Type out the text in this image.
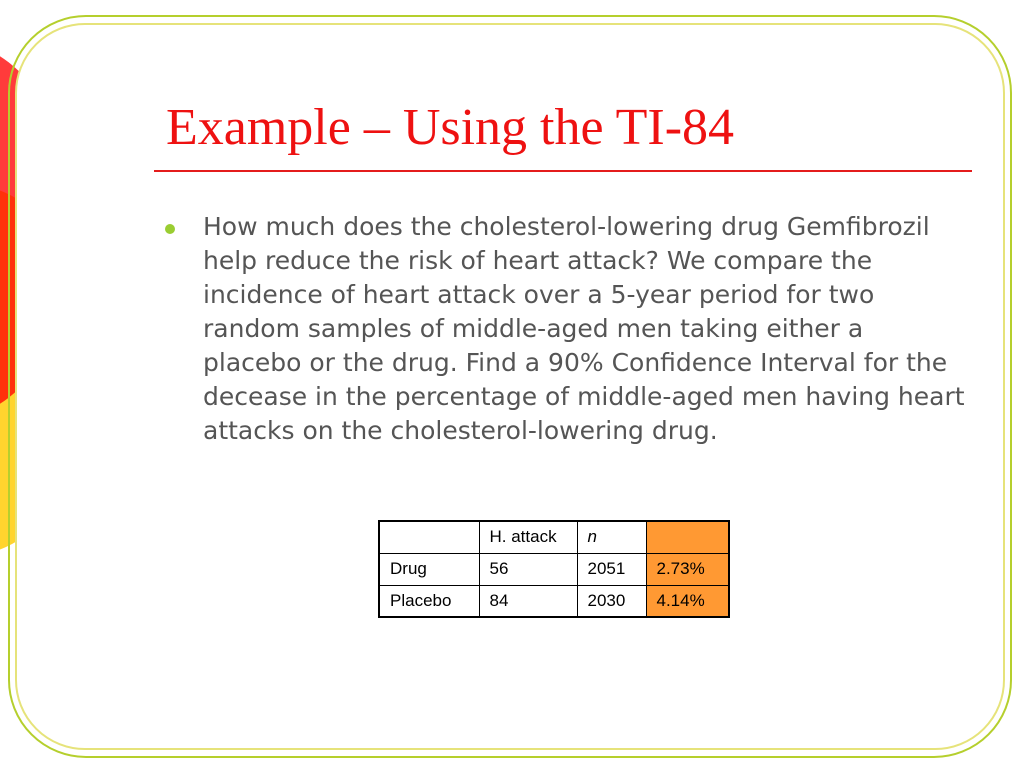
Example – Using the TI-84

How much does the cholesterol-lowering drug Gemfibrozil help reduce the risk of heart attack? We compare the incidence of heart attack over a 5-year period for two random samples of middle-aged men taking either a placebo or the drug. Find a 90% Confidence Interval for the decease in the percentage of middle-aged men having heart attacks on the cholesterol-lowering drug.

	H. attack	n	
Drug	56	2051	2.73%
Placebo	84	2030	4.14%
